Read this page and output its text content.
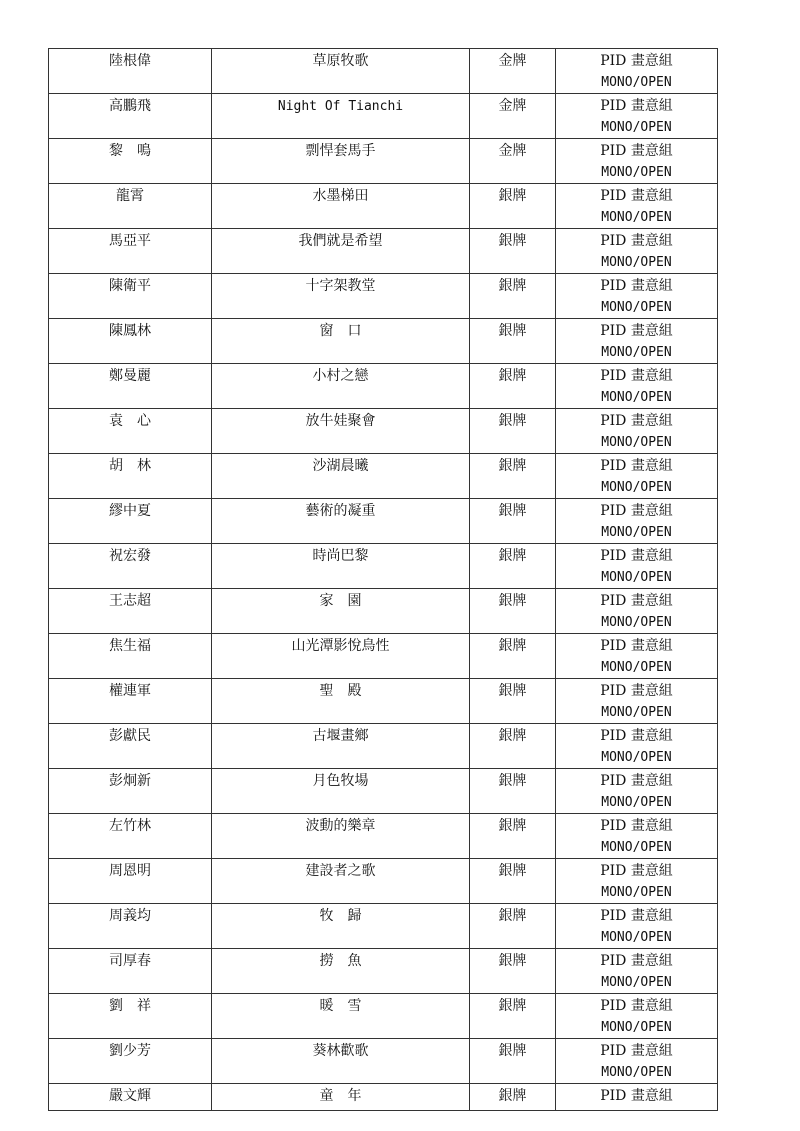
陸根偉	草原牧歌	金牌	PID 畫意組
MONO/OPEN

高鵬飛	Night Of Tianchi	金牌	PID 畫意組
MONO/OPEN

黎　鳴	剽悍套馬手	金牌	PID 畫意組
MONO/OPEN

龍霄	水墨梯田	銀牌	PID 畫意組
MONO/OPEN

馬亞平	我們就是希望	銀牌	PID 畫意組
MONO/OPEN

陳衛平	十字架教堂	銀牌	PID 畫意組
MONO/OPEN

陳鳳林	窗　口	銀牌	PID 畫意組
MONO/OPEN

鄭曼麗	小村之戀	銀牌	PID 畫意組
MONO/OPEN

袁　心	放牛娃聚會	銀牌	PID 畫意組
MONO/OPEN

胡　林	沙湖晨曦	銀牌	PID 畫意組
MONO/OPEN

繆中夏	藝術的凝重	銀牌	PID 畫意組
MONO/OPEN

祝宏發	時尚巴黎	銀牌	PID 畫意組
MONO/OPEN

王志超	家　園	銀牌	PID 畫意組
MONO/OPEN

焦生福	山光潭影悅鳥性	銀牌	PID 畫意組
MONO/OPEN

權連軍	聖　殿	銀牌	PID 畫意組
MONO/OPEN

彭獻民	古堰畫鄉	銀牌	PID 畫意組
MONO/OPEN

彭炯新	月色牧場	銀牌	PID 畫意組
MONO/OPEN

左竹林	波動的樂章	銀牌	PID 畫意組
MONO/OPEN

周恩明	建設者之歌	銀牌	PID 畫意組
MONO/OPEN

周義均	牧　歸	銀牌	PID 畫意組
MONO/OPEN

司厚春	撈　魚	銀牌	PID 畫意組
MONO/OPEN

劉　祥	暖　雪	銀牌	PID 畫意組
MONO/OPEN

劉少芳	葵林歡歌	銀牌	PID 畫意組
MONO/OPEN

嚴文輝	童　年	銀牌	PID 畫意組
